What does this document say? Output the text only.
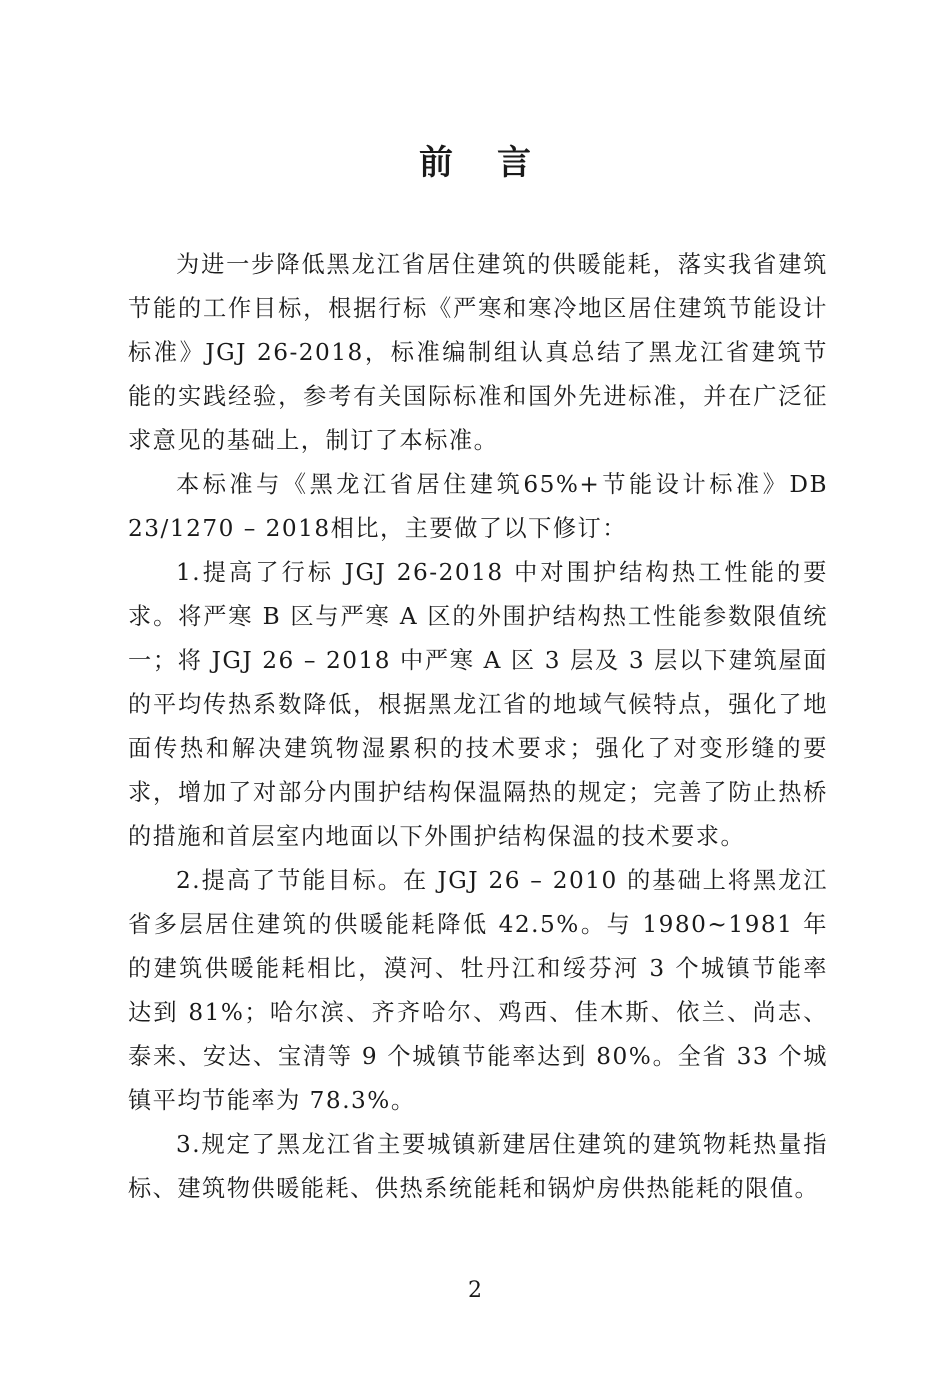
前言

为进一步降低黑龙江省居住建筑的供暖能耗，落实我省建筑节能的工作目标，根据行标《严寒和寒冷地区居住建筑节能设计标准》JGJ 26-2018，标准编制组认真总结了黑龙江省建筑节能的实践经验，参考有关国际标准和国外先进标准，并在广泛征求意见的基础上，制订了本标准。

本标准与《黑龙江省居住建筑65%+节能设计标准》DB 23/1270 – 2018相比，主要做了以下修订：

1.提高了行标 JGJ 26-2018 中对围护结构热工性能的要求。将严寒 B 区与严寒 A 区的外围护结构热工性能参数限值统一；将 JGJ 26 – 2018 中严寒 A 区 3 层及 3 层以下建筑屋面的平均传热系数降低，根据黑龙江省的地域气候特点，强化了地面传热和解决建筑物湿累积的技术要求；强化了对变形缝的要求，增加了对部分内围护结构保温隔热的规定；完善了防止热桥的措施和首层室内地面以下外围护结构保温的技术要求。

2.提高了节能目标。在 JGJ 26 – 2010 的基础上将黑龙江省多层居住建筑的供暖能耗降低 42.5%。与 1980~1981 年的建筑供暖能耗相比，漠河、牡丹江和绥芬河 3 个城镇节能率达到 81%；哈尔滨、齐齐哈尔、鸡西、佳木斯、依兰、尚志、泰来、安达、宝清等 9 个城镇节能率达到 80%。全省 33 个城镇平均节能率为 78.3%。

3.规定了黑龙江省主要城镇新建居住建筑的建筑物耗热量指标、建筑物供暖能耗、供热系统能耗和锅炉房供热能耗的限值。

2
